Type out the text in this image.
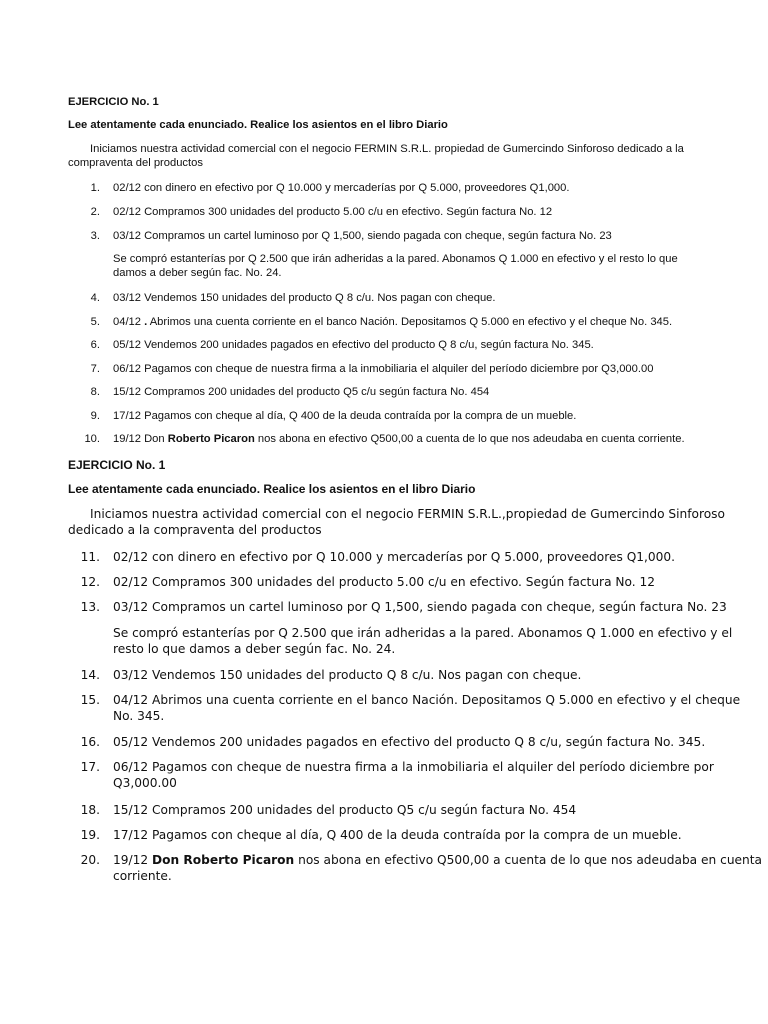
EJERCICIO No. 1
Lee atentamente cada enunciado. Realice los asientos en el libro Diario
Iniciamos nuestra actividad comercial con el negocio FERMIN S.R.L. propiedad de Gumercindo Sinforoso dedicado a la
compraventa del productos
1. 02/12 con dinero en efectivo por Q 10.000 y mercaderías por Q 5.000, proveedores Q1,000.
2. 02/12 Compramos 300 unidades del producto 5.00 c/u en efectivo. Según factura No. 12
3. 03/12 Compramos un cartel luminoso por Q 1,500, siendo pagada con cheque, según factura No. 23
Se compró estanterías por Q 2.500 que irán adheridas a la pared. Abonamos Q 1.000 en efectivo y el resto lo que
damos a deber según fac. No. 24.
4. 03/12 Vendemos 150 unidades del producto Q 8 c/u. Nos pagan con cheque.
5. 04/12 . Abrimos una cuenta corriente en el banco Nación. Depositamos Q 5.000 en efectivo y el cheque No. 345.
6. 05/12 Vendemos 200 unidades pagados en efectivo del producto Q 8 c/u, según factura No. 345.
7. 06/12 Pagamos con cheque de nuestra firma a la inmobiliaria el alquiler del período diciembre por Q3,000.00
8. 15/12 Compramos 200 unidades del producto Q5 c/u según factura No. 454
9. 17/12 Pagamos con cheque al día, Q 400 de la deuda contraída por la compra de un mueble.
10. 19/12 Don Roberto Picaron nos abona en efectivo Q500,00 a cuenta de lo que nos adeudaba en cuenta corriente.
EJERCICIO No. 1
Lee atentamente cada enunciado. Realice los asientos en el libro Diario
Iniciamos nuestra actividad comercial con el negocio FERMIN S.R.L.,propiedad de Gumercindo Sinforoso
dedicado a la compraventa del productos
11. 02/12 con dinero en efectivo por Q 10.000 y mercaderías por Q 5.000, proveedores Q1,000.
12. 02/12 Compramos 300 unidades del producto 5.00 c/u en efectivo. Según factura No. 12
13. 03/12 Compramos un cartel luminoso por Q 1,500, siendo pagada con cheque, según factura No. 23
Se compró estanterías por Q 2.500 que irán adheridas a la pared. Abonamos Q 1.000 en efectivo y el
resto lo que damos a deber según fac. No. 24.
14. 03/12 Vendemos 150 unidades del producto Q 8 c/u. Nos pagan con cheque.
15. 04/12 Abrimos una cuenta corriente en el banco Nación. Depositamos Q 5.000 en efectivo y el cheque
No. 345.
16. 05/12 Vendemos 200 unidades pagados en efectivo del producto Q 8 c/u, según factura No. 345.
17. 06/12 Pagamos con cheque de nuestra firma a la inmobiliaria el alquiler del período diciembre por
Q3,000.00
18. 15/12 Compramos 200 unidades del producto Q5 c/u según factura No. 454
19. 17/12 Pagamos con cheque al día, Q 400 de la deuda contraída por la compra de un mueble.
20. 19/12 Don Roberto Picaron nos abona en efectivo Q500,00 a cuenta de lo que nos adeudaba en cuenta
corriente.
